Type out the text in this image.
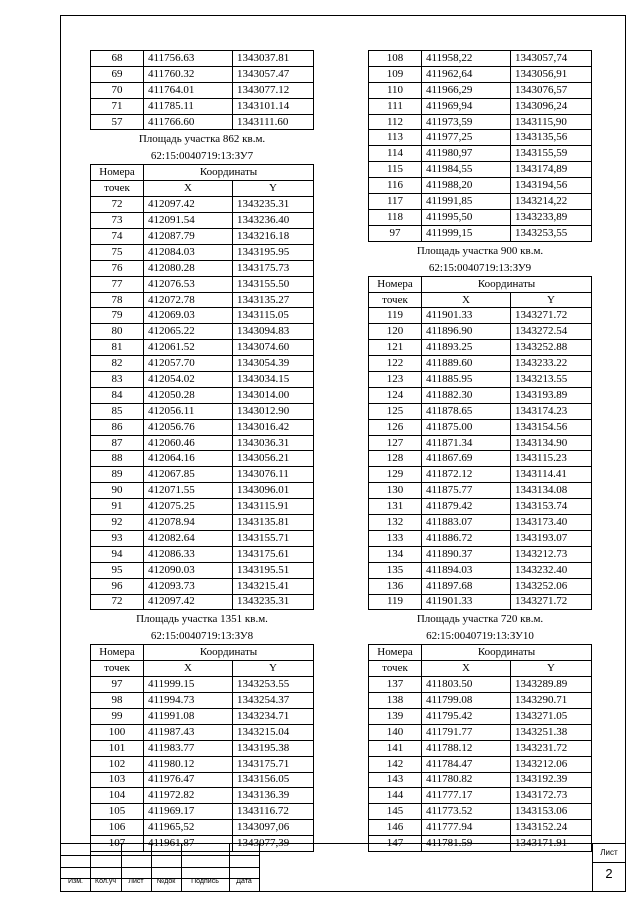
68	411756.63	1343037.81
69	411760.32	1343057.47
70	411764.01	1343077.12
71	411785.11	1343101.14
57	411766.60	1343111.60
Площадь участка 862 кв.м.
62:15:0040719:13:ЗУ7
Номера	Координаты	
точек	X	Y
72	412097.42	1343235.31
73	412091.54	1343236.40
74	412087.79	1343216.18
75	412084.03	1343195.95
76	412080.28	1343175.73
77	412076.53	1343155.50
78	412072.78	1343135.27
79	412069.03	1343115.05
80	412065.22	1343094.83
81	412061.52	1343074.60
82	412057.70	1343054.39
83	412054.02	1343034.15
84	412050.28	1343014.00
85	412056.11	1343012.90
86	412056.76	1343016.42
87	412060.46	1343036.31
88	412064.16	1343056.21
89	412067.85	1343076.11
90	412071.55	1343096.01
91	412075.25	1343115.91
92	412078.94	1343135.81
93	412082.64	1343155.71
94	412086.33	1343175.61
95	412090.03	1343195.51
96	412093.73	1343215.41
72	412097.42	1343235.31
Площадь участка 1351 кв.м.
62:15:0040719:13:ЗУ8
Номера	Координаты	
точек	X	Y
97	411999.15	1343253.55
98	411994.73	1343254.37
99	411991.08	1343234.71
100	411987.43	1343215.04
101	411983.77	1343195.38
102	411980.12	1343175.71
103	411976.47	1343156.05
104	411972.82	1343136.39
105	411969.17	1343116.72
106	411965,52	1343097,06
107	411961.87	1343077,39
108	411958,22	1343057,74
109	411962,64	1343056,91
110	411966,29	1343076,57
111	411969,94	1343096,24
112	411973,59	1343115,90
113	411977,25	1343135,56
114	411980,97	1343155,59
115	411984,55	1343174,89
116	411988,20	1343194,56
117	411991,85	1343214,22
118	411995,50	1343233,89
97	411999,15	1343253,55
Площадь участка 900 кв.м.
62:15:0040719:13:ЗУ9
Номера	Координаты	
точек	X	Y
119	411901.33	1343271.72
120	411896.90	1343272.54
121	411893.25	1343252.88
122	411889.60	1343233.22
123	411885.95	1343213.55
124	411882.30	1343193.89
125	411878.65	1343174.23
126	411875.00	1343154.56
127	411871.34	1343134.90
128	411867.69	1343115.23
129	411872.12	1343114.41
130	411875.77	1343134.08
131	411879.42	1343153.74
132	411883.07	1343173.40
133	411886.72	1343193.07
134	411890.37	1343212.73
135	411894.03	1343232.40
136	411897.68	1343252.06
119	411901.33	1343271.72
Площадь участка 720 кв.м.
62:15:0040719:13:ЗУ10
Номера	Координаты	
точек	X	Y
137	411803.50	1343289.89
138	411799.08	1343290.71
139	411795.42	1343271.05
140	411791.77	1343251.38
141	411788.12	1343231.72
142	411784.47	1343212.06
143	411780.82	1343192.39
144	411777.17	1343172.73
145	411773.52	1343153.06
146	411777.94	1343152.24
147	411781.59	1343171.91
Изм.	Кол.уч	Лист	№док	Подпись	Дата
Лист
2
